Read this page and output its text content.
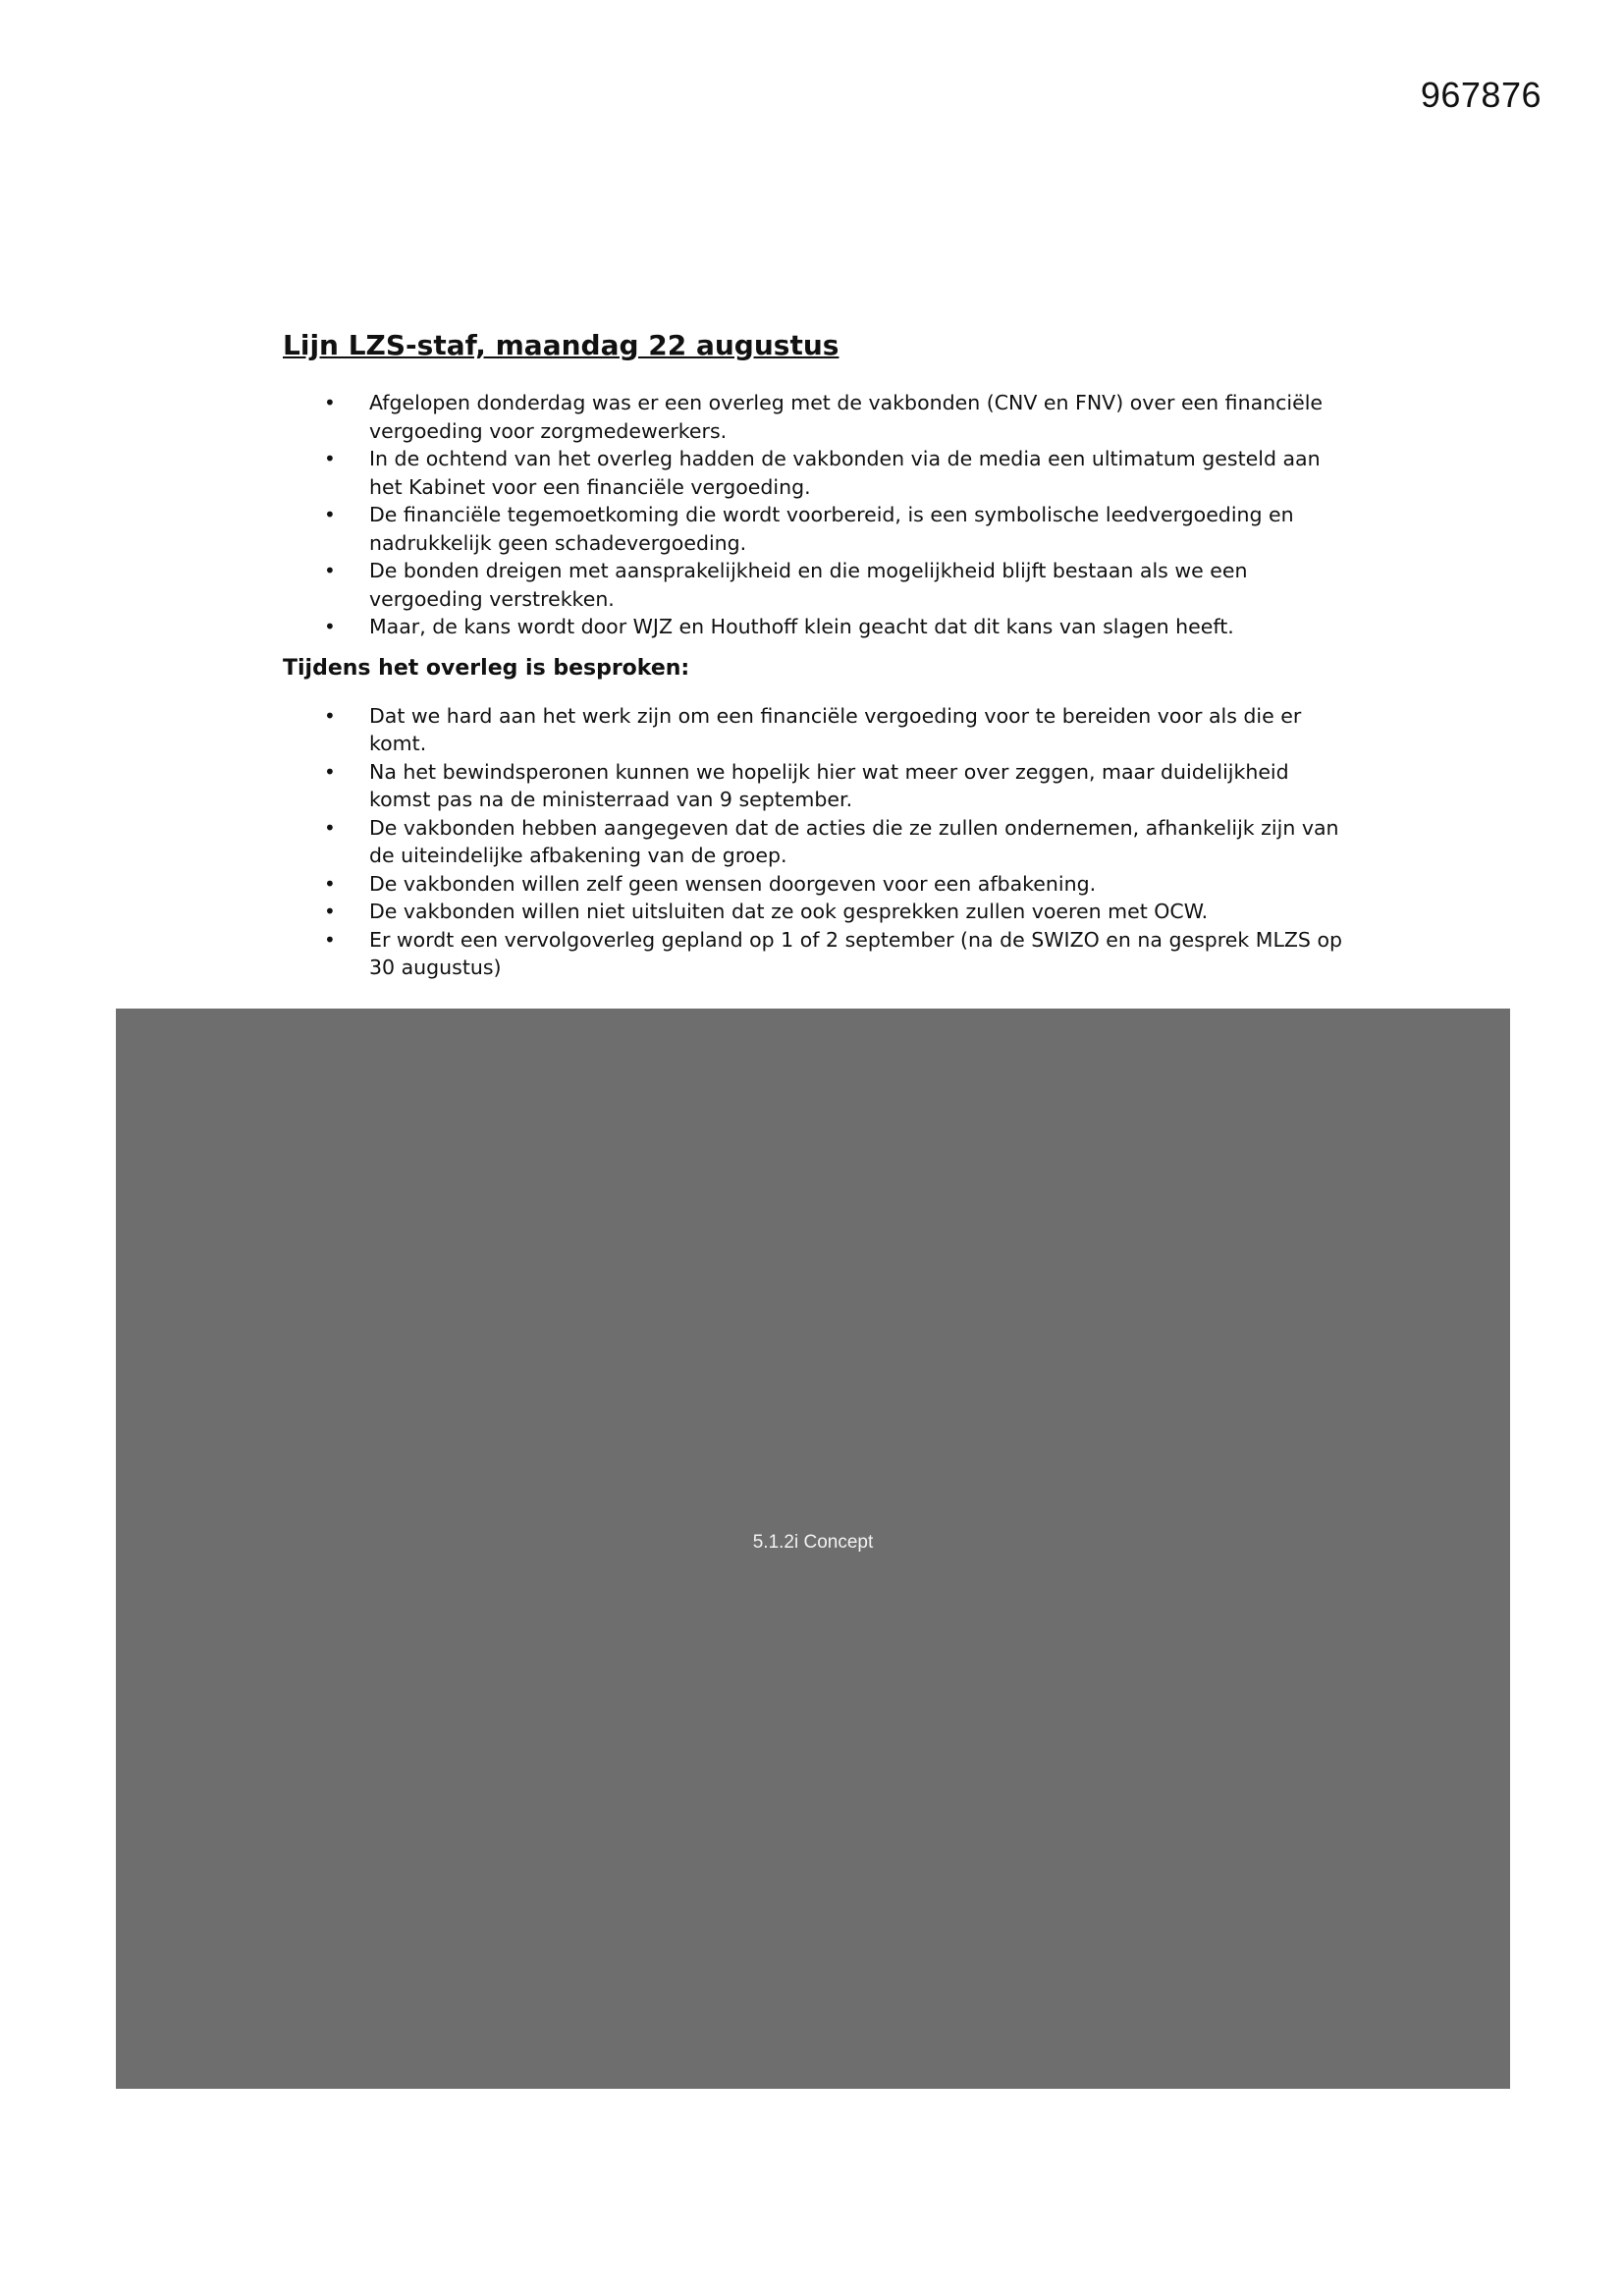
967876
Lijn LZS-staf, maandag 22 augustus
• Afgelopen donderdag was er een overleg met de vakbonden (CNV en FNV) over een financiële vergoeding voor zorgmedewerkers.
• In de ochtend van het overleg hadden de vakbonden via de media een ultimatum gesteld aan het Kabinet voor een financiële vergoeding.
• De financiële tegemoetkoming die wordt voorbereid, is een symbolische leedvergoeding en nadrukkelijk geen schadevergoeding.
• De bonden dreigen met aansprakelijkheid en die mogelijkheid blijft bestaan als we een vergoeding verstrekken.
• Maar, de kans wordt door WJZ en Houthoff klein geacht dat dit kans van slagen heeft.
Tijdens het overleg is besproken:
• Dat we hard aan het werk zijn om een financiële vergoeding voor te bereiden voor als die er komt.
• Na het bewindsperonen kunnen we hopelijk hier wat meer over zeggen, maar duidelijkheid komst pas na de ministerraad van 9 september.
• De vakbonden hebben aangegeven dat de acties die ze zullen ondernemen, afhankelijk zijn van de uiteindelijke afbakening van de groep.
• De vakbonden willen zelf geen wensen doorgeven voor een afbakening.
• De vakbonden willen niet uitsluiten dat ze ook gesprekken zullen voeren met OCW.
• Er wordt een vervolgoverleg gepland op 1 of 2 september (na de SWIZO en na gesprek MLZS op 30 augustus)
5.1.2i Concept
